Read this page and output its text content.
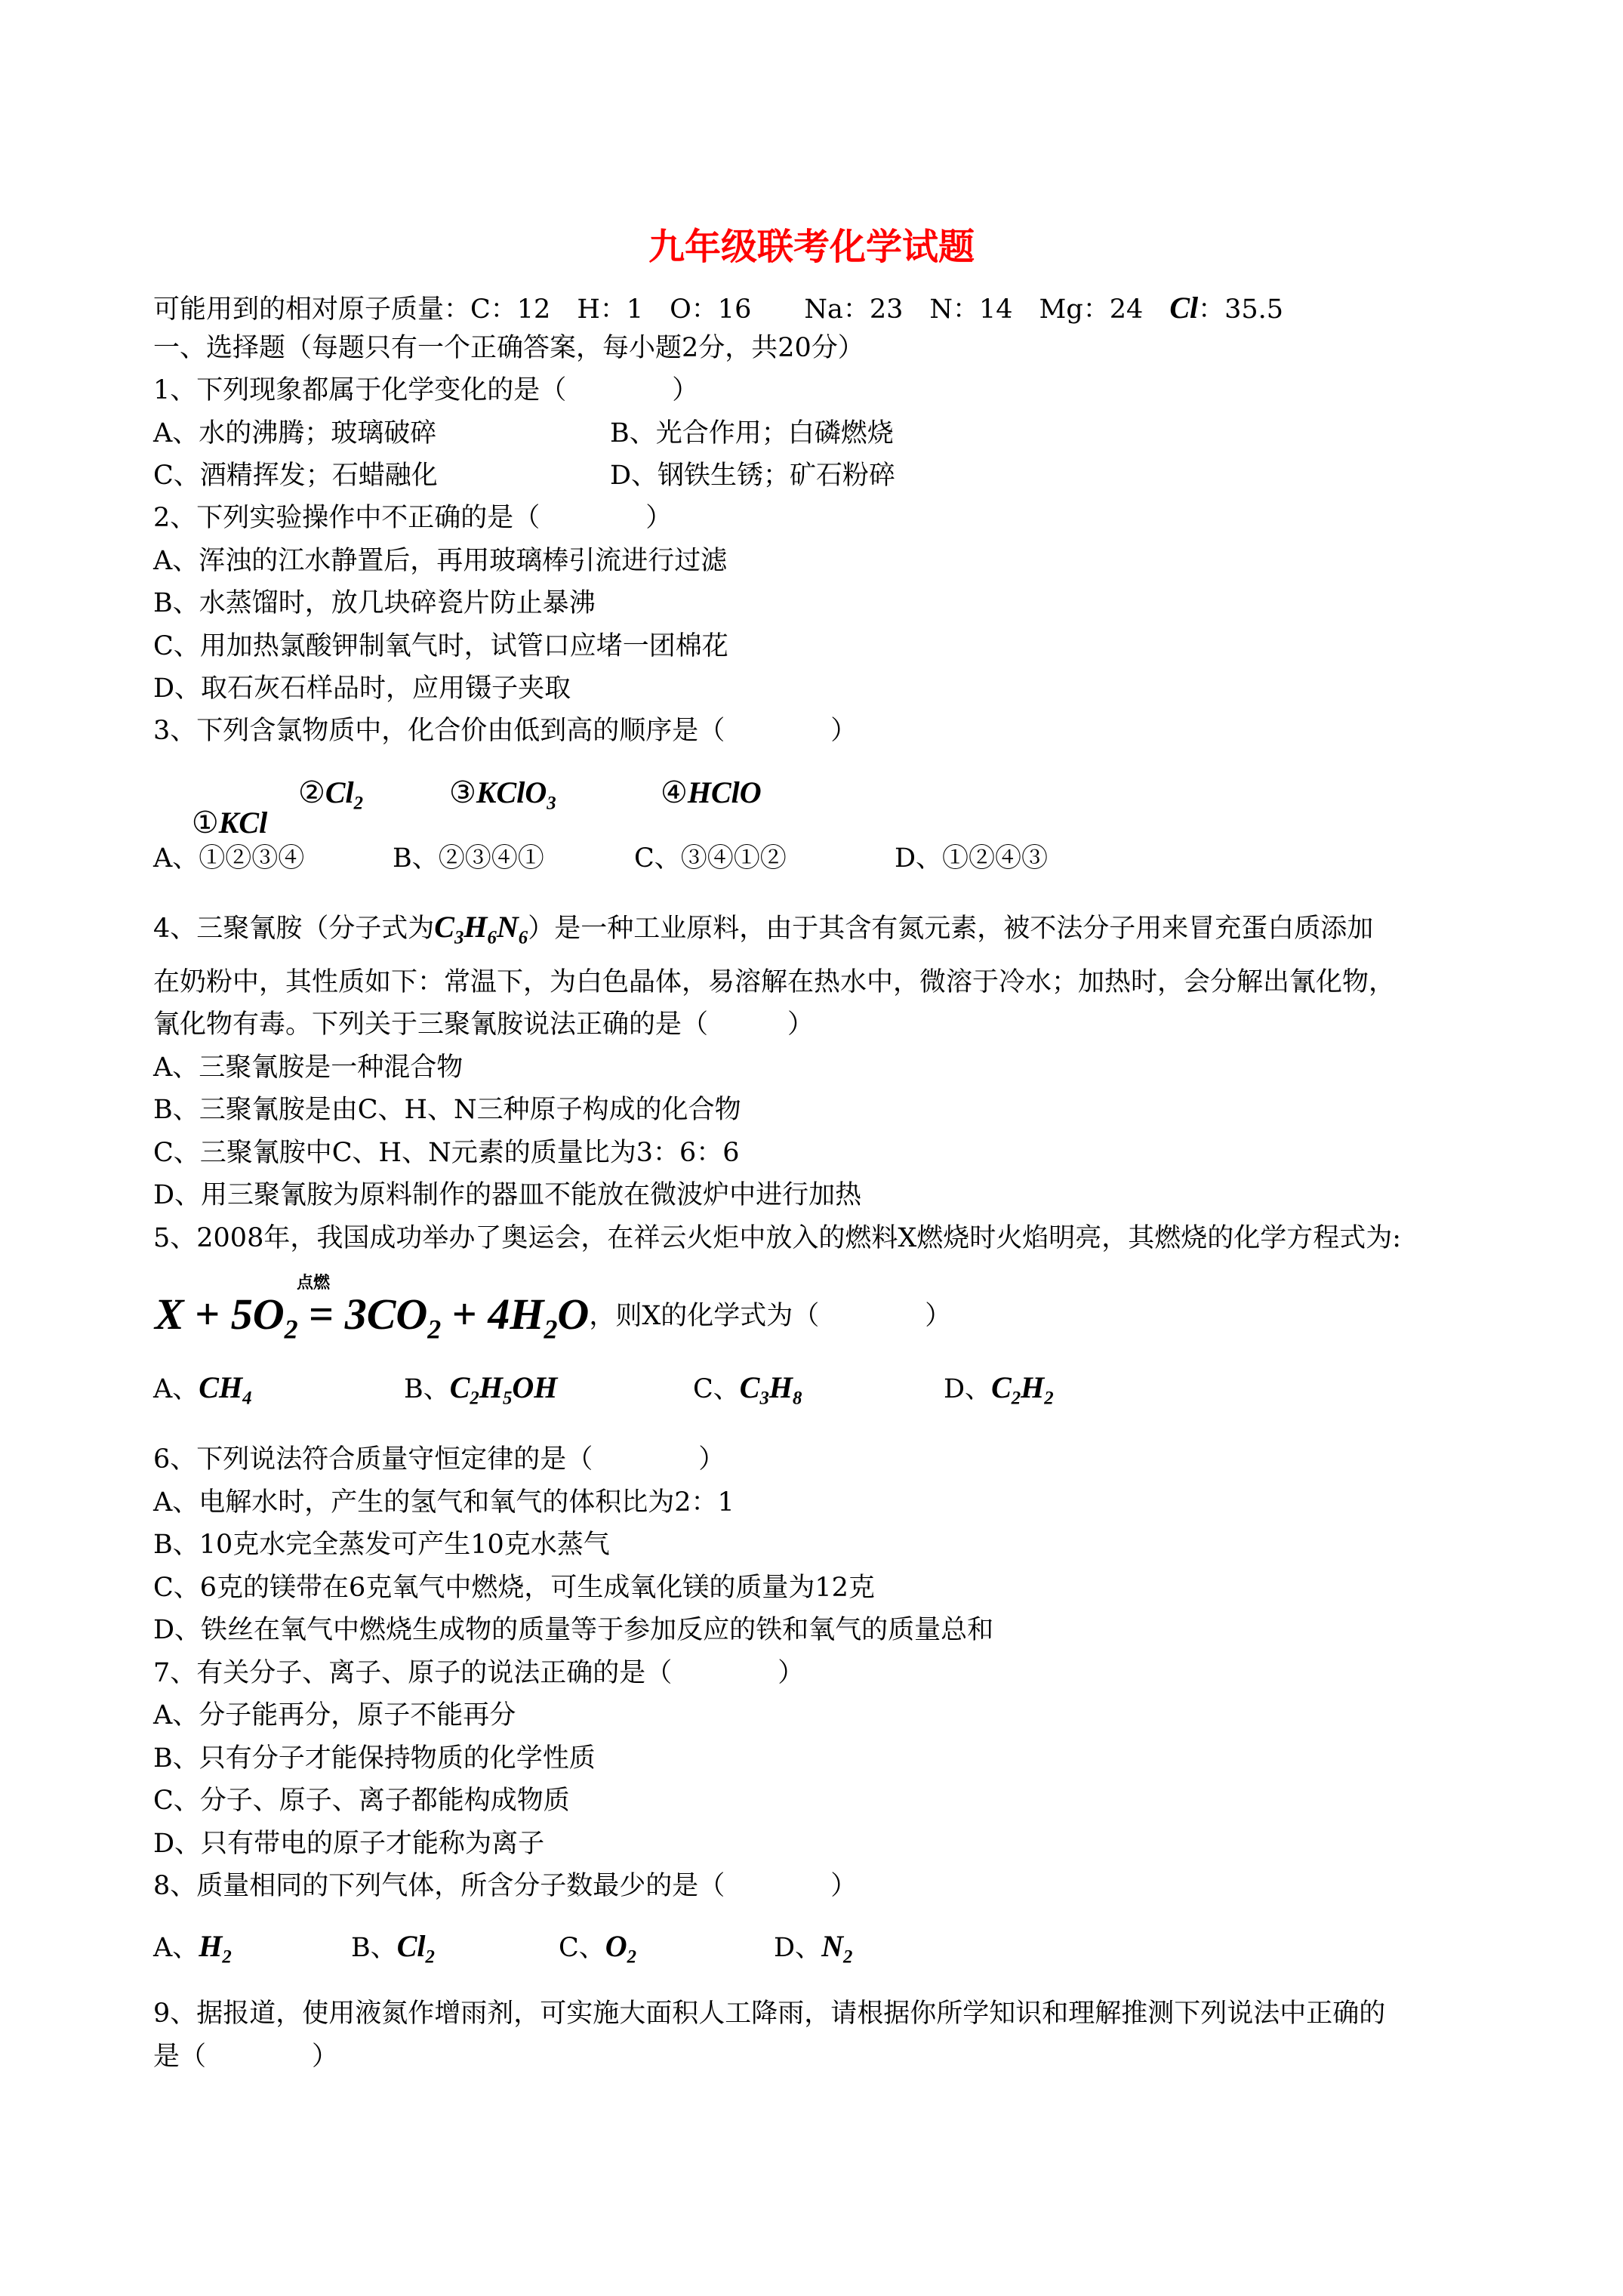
九年级联考化学试题
可能用到的相对原子质量：C：12　H：1　O：16　　Na：23　N：14　Mg：24　Cl：35.5
一、选择题（每题只有一个正确答案，每小题2分，共20分）
1、下列现象都属于化学变化的是（　　　　）
A、水的沸腾；玻璃破碎	B、光合作用；白磷燃烧
C、酒精挥发；石蜡融化	D、钢铁生锈；矿石粉碎
2、下列实验操作中不正确的是（　　　　）
A、浑浊的江水静置后，再用玻璃棒引流进行过滤
B、水蒸馏时，放几块碎瓷片防止暴沸
C、用加热氯酸钾制氧气时，试管口应堵一团棉花
D、取石灰石样品时，应用镊子夹取
3、下列含氯物质中，化合价由低到高的顺序是（　　　　）

①KCl

$②Cl_2$	③KClO$_3$	④HClO
A、①②③④	B、②③④①	C、③④①②	D、①②④③
4、三聚氰胺（分子式为$C_3H_6N_6$）是一种工业原料，由于其含有氮元素，被不法分子用来冒充蛋白质添加
在奶粉中，其性质如下：常温下，为白色晶体，易溶解在热水中，微溶于冷水；加热时，会分解出氰化物，
氰化物有毒。下列关于三聚氰胺说法正确的是（　　　）
A、三聚氰胺是一种混合物
B、三聚氰胺是由C、H、N三种原子构成的化合物
C、三聚氰胺中C、H、N元素的质量比为3：6：6
D、用三聚氰胺为原料制作的器皿不能放在微波炉中进行加热
5、2008年，我国成功举办了奥运会，在祥云火炬中放入的燃料X燃烧时火焰明亮，其燃烧的化学方程式为:
点燃
$X + 5O_2 = 3CO_2 + 4H_2O$，则X的化学式为（　　　　）
A、$CH_4$	B、$C_2H_5OH$	C、$C_3H_8$	D、$C_2H_2$
6、下列说法符合质量守恒定律的是（　　　　）
A、电解水时，产生的氢气和氧气的体积比为2：1
B、10克水完全蒸发可产生10克水蒸气
C、6克的镁带在6克氧气中燃烧，可生成氧化镁的质量为12克
D、铁丝在氧气中燃烧生成物的质量等于参加反应的铁和氧气的质量总和
7、有关分子、离子、原子的说法正确的是（　　　　）
A、分子能再分，原子不能再分
B、只有分子才能保持物质的化学性质
C、分子、原子、离子都能构成物质
D、只有带电的原子才能称为离子
8、质量相同的下列气体，所含分子数最少的是（　　　　）
A、$H_2$	B、$Cl_2$	C、$O_2$	D、$N_2$
9、据报道，使用液氮作增雨剂，可实施大面积人工降雨，请根据你所学知识和理解推测下列说法中正确的
是（　　　　）
